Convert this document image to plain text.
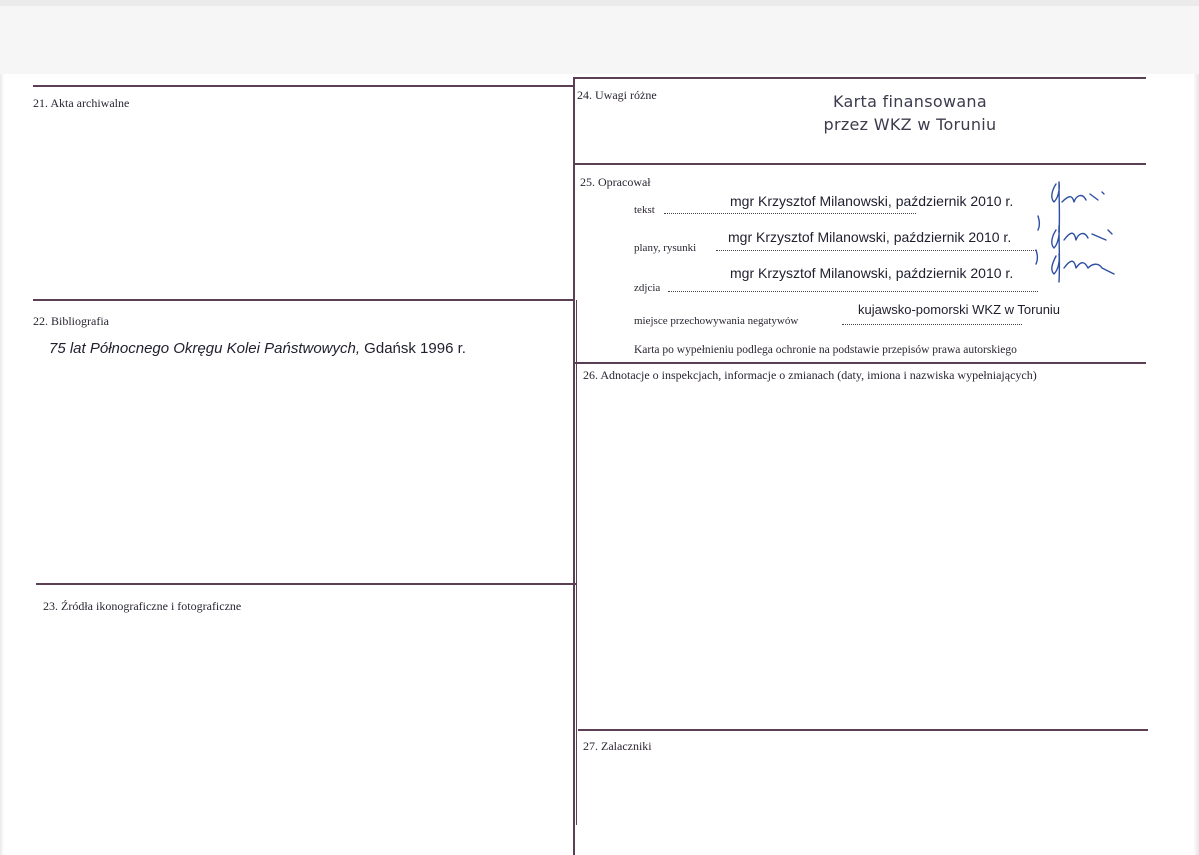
21. Akta archiwalne
22. Bibliografia
75 lat Północnego Okręgu Kolei Państwowych, Gdańsk 1996 r.
23. Źródła ikonograficzne i fotograficzne
24. Uwagi różne	Karta finansowana
przez WKZ w Toruniu
25. Opracował
tekst
mgr Krzysztof Milanowski, październik 2010 r.
plany, rysunki
mgr Krzysztof Milanowski, październik 2010 r.
zdjcia
mgr Krzysztof Milanowski, październik 2010 r.
miejsce przechowywania negatywów
kujawsko-pomorski WKZ w Toruniu
Karta po wypełnieniu podlega ochronie na podstawie przepisów prawa autorskiego
26. Adnotacje o inspekcjach, informacje o zmianach (daty, imiona i nazwiska wypełniających)
27. Zalaczniki
